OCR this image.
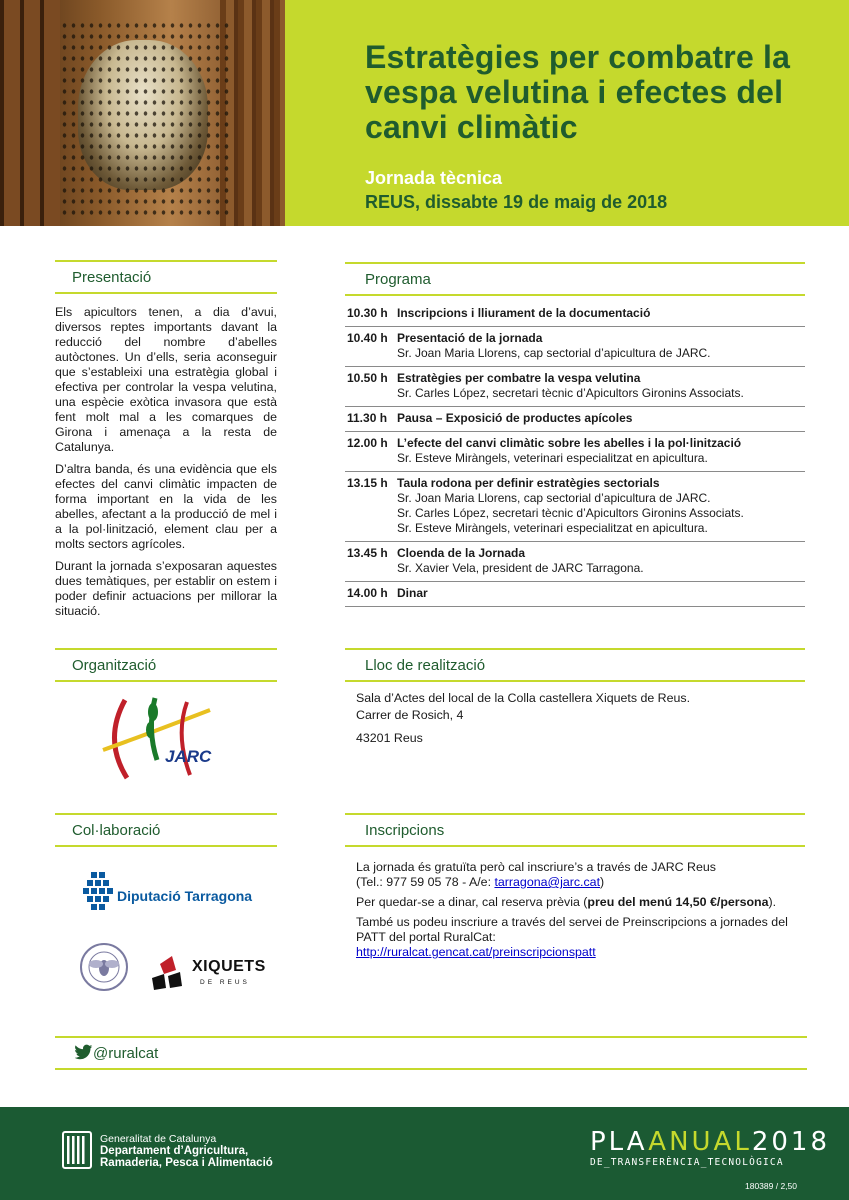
Estratègies per combatre la vespa velutina i efectes del canvi climàtic
Jornada tècnica
REUS, dissabte 19 de maig de 2018
Presentació

Els apicultors tenen, a dia d’avui, diversos reptes importants davant la reducció del nombre d’abelles autòctones. Un d’ells, seria aconseguir que s’estableixi una estratègia global i efectiva per controlar la vespa velutina, una espècie exòtica invasora que està fent molt mal a les comarques de Girona i amenaça a la resta de Catalunya.

D’altra banda, és una evidència que els efectes del canvi climàtic impacten de forma important en la vida de les abelles, afectant a la producció de mel i a la pol·linització, element clau per a molts sectors agrícoles.

Durant la jornada s’exposaran aquestes dues temàtiques, per establir on estem i poder definir actuacions per millorar la situació.

Programa
10.30 h Inscripcions i lliurament de la documentació
10.40 h Presentació de la jornada
Sr. Joan Maria Llorens, cap sectorial d’apicultura de JARC.
10.50 h Estratègies per combatre la vespa velutina
Sr. Carles López, secretari tècnic d’Apicultors Gironins Associats.
11.30 h Pausa – Exposició de productes apícoles
12.00 h L’efecte del canvi climàtic sobre les abelles i la pol·linització
Sr. Esteve Miràngels, veterinari especialitzat en apicultura.
13.15 h Taula rodona per definir estratègies sectorials
Sr. Joan Maria Llorens, cap sectorial d’apicultura de JARC.
Sr. Carles López, secretari tècnic d’Apicultors Gironins Associats.
Sr. Esteve Miràngels, veterinari especialitzat en apicultura.
13.45 h Cloenda de la Jornada
Sr. Xavier Vela, president de JARC Tarragona.
14.00 h Dinar
Organització
JARC
Lloc de realització
Sala d’Actes del local de la Colla castellera Xiquets de Reus.
Carrer de Rosich, 4
43201 Reus
Col·laboració
Diputació Tarragona
XIQUETS
DE REUS
Inscripcions

La jornada és gratuïta però cal inscriure’s a través de JARC Reus
(Tel.: 977 59 05 78 - A/e: tarragona@jarc.cat)

Per quedar-se a dinar, cal reserva prèvia (preu del menú 14,50 €/persona).

També us podeu inscriure a través del servei de Preinscripcions a jornades del PATT del portal RuralCat:
http://ruralcat.gencat.cat/preinscripcionspatt

@ruralcat
Generalitat de Catalunya
Departament d’Agricultura,
Ramaderia, Pesca i Alimentació
PLAANUAL2018
DE_TRANSFERÈNCIA_TECNOLÒGICA
180389 / 2,50
